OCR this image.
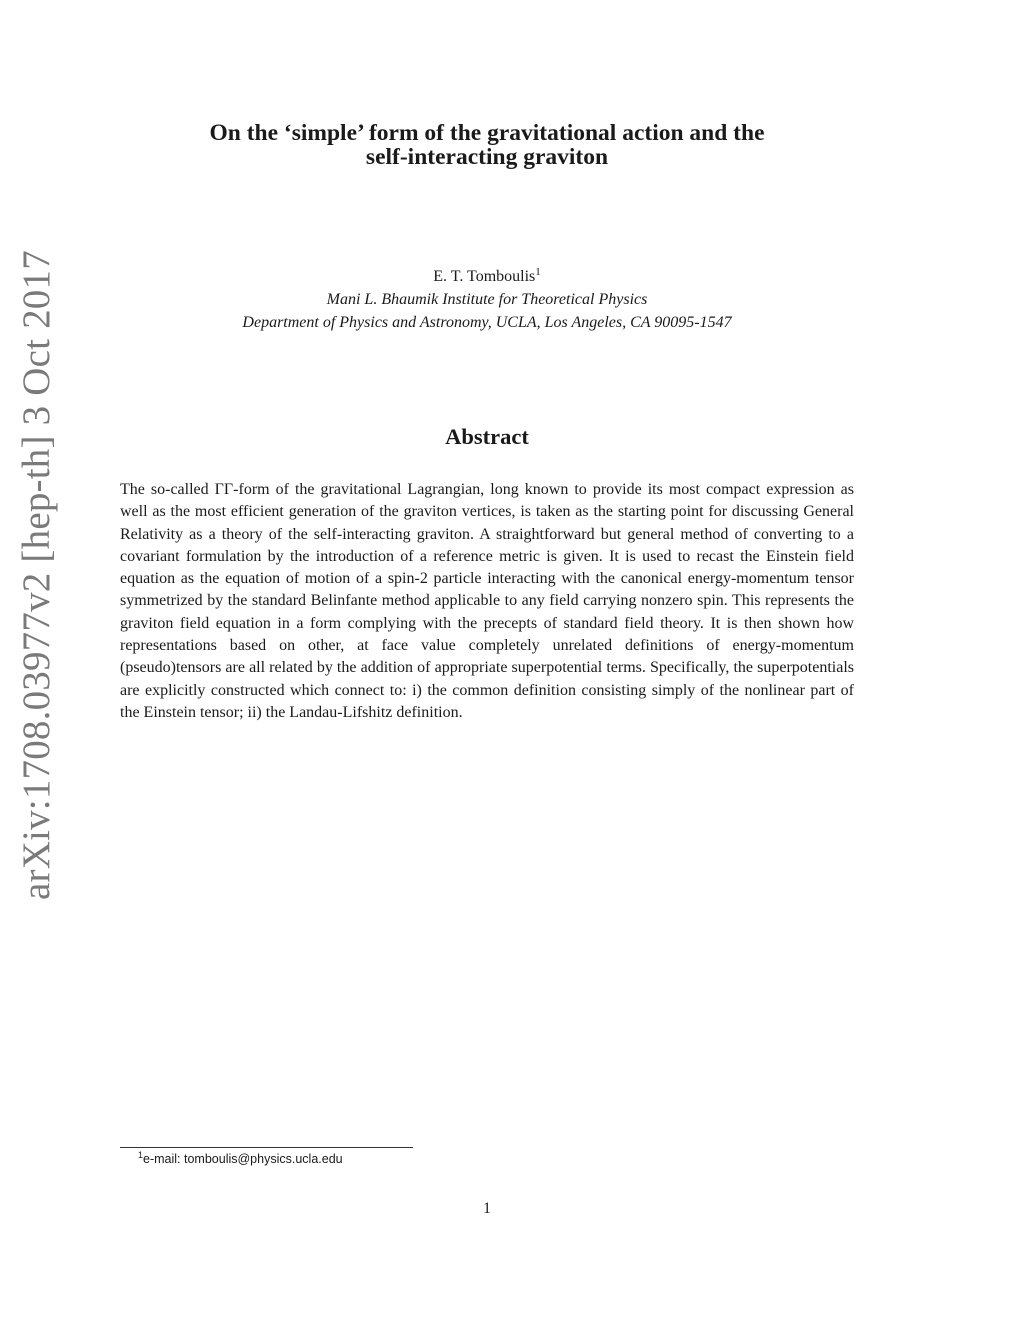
arXiv:1708.03977v2 [hep-th] 3 Oct 2017
On the ‘simple’ form of the gravitational action and the
self-interacting graviton
E. T. Tomboulis$^1$
Mani L. Bhaumik Institute for Theoretical Physics
Department of Physics and Astronomy, UCLA, Los Angeles, CA 90095-1547
Abstract

The so-called ΓΓ-form of the gravitational Lagrangian, long known to provide its most compact expression as well as the most efficient generation of the graviton vertices, is taken as the starting point for discussing General Relativity as a theory of the self-interacting graviton. A straightforward but general method of converting to a covariant formulation by the introduction of a reference metric is given. It is used to recast the Einstein field equation as the equation of motion of a spin-2 particle interacting with the canonical energy-momentum tensor symmetrized by the standard Belinfante method applicable to any field carrying nonzero spin. This represents the graviton field equation in a form complying with the precepts of standard field theory. It is then shown how representations based on other, at face value completely unrelated definitions of energy-momentum (pseudo)tensors are all related by the addition of appropriate superpotential terms. Specifically, the superpotentials are explicitly constructed which connect to: i) the common definition consisting simply of the nonlinear part of the Einstein tensor; ii) the Landau-Lifshitz definition.

$^1$e-mail: tomboulis@physics.ucla.edu
1
